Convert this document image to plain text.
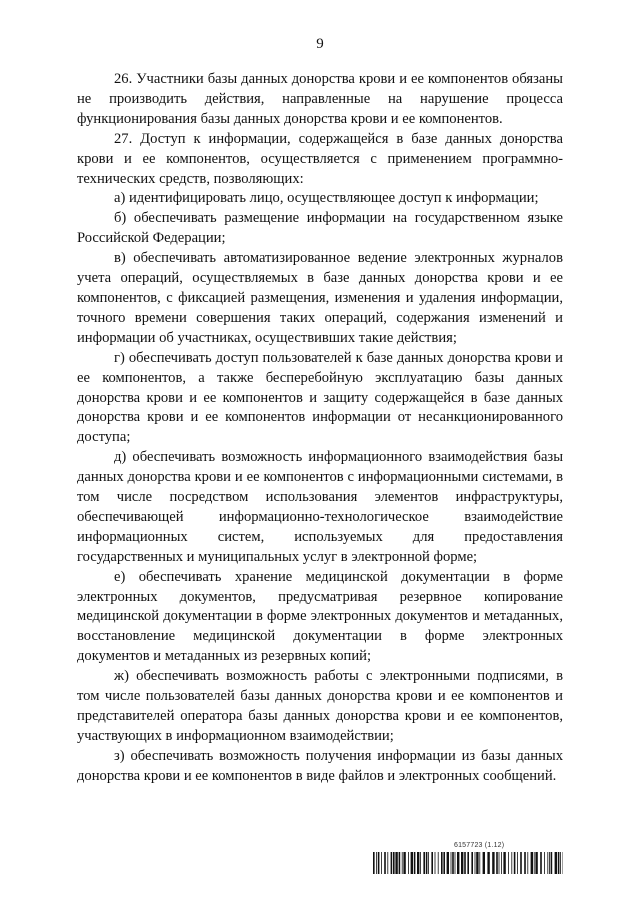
9

26. Участники базы данных донорства крови и ее компонентов обязаны не производить действия, направленные на нарушение процесса функционирования базы данных донорства крови и ее компонентов.

27. Доступ к информации, содержащейся в базе данных донорства крови и ее компонентов, осуществляется с применением программно-технических средств, позволяющих:

а) идентифицировать лицо, осуществляющее доступ к информации;

б) обеспечивать размещение информации на государственном языке Российской Федерации;

в) обеспечивать автоматизированное ведение электронных журналов учета операций, осуществляемых в базе данных донорства крови и ее компонентов, с фиксацией размещения, изменения и удаления информации, точного времени совершения таких операций, содержания изменений и информации об участниках, осуществивших такие действия;

г) обеспечивать доступ пользователей к базе данных донорства крови и ее компонентов, а также бесперебойную эксплуатацию базы данных донорства крови и ее компонентов и защиту содержащейся в базе данных донорства крови и ее компонентов информации от несанкционированного доступа;

д) обеспечивать возможность информационного взаимодействия базы данных донорства крови и ее компонентов с информационными системами, в том числе посредством использования элементов инфраструктуры, обеспечивающей информационно-технологическое взаимодействие информационных систем, используемых для предоставления государственных и муниципальных услуг в электронной форме;

е) обеспечивать хранение медицинской документации в форме электронных документов, предусматривая резервное копирование медицинской документации в форме электронных документов и метаданных, восстановление медицинской документации в форме электронных документов и метаданных из резервных копий;

ж) обеспечивать возможность работы с электронными подписями, в том числе пользователей базы данных донорства крови и ее компонентов и представителей оператора базы данных донорства крови и ее компонентов, участвующих в информационном взаимодействии;

з) обеспечивать возможность получения информации из базы данных донорства крови и ее компонентов в виде файлов и электронных сообщений.

6157723 (1.12)
